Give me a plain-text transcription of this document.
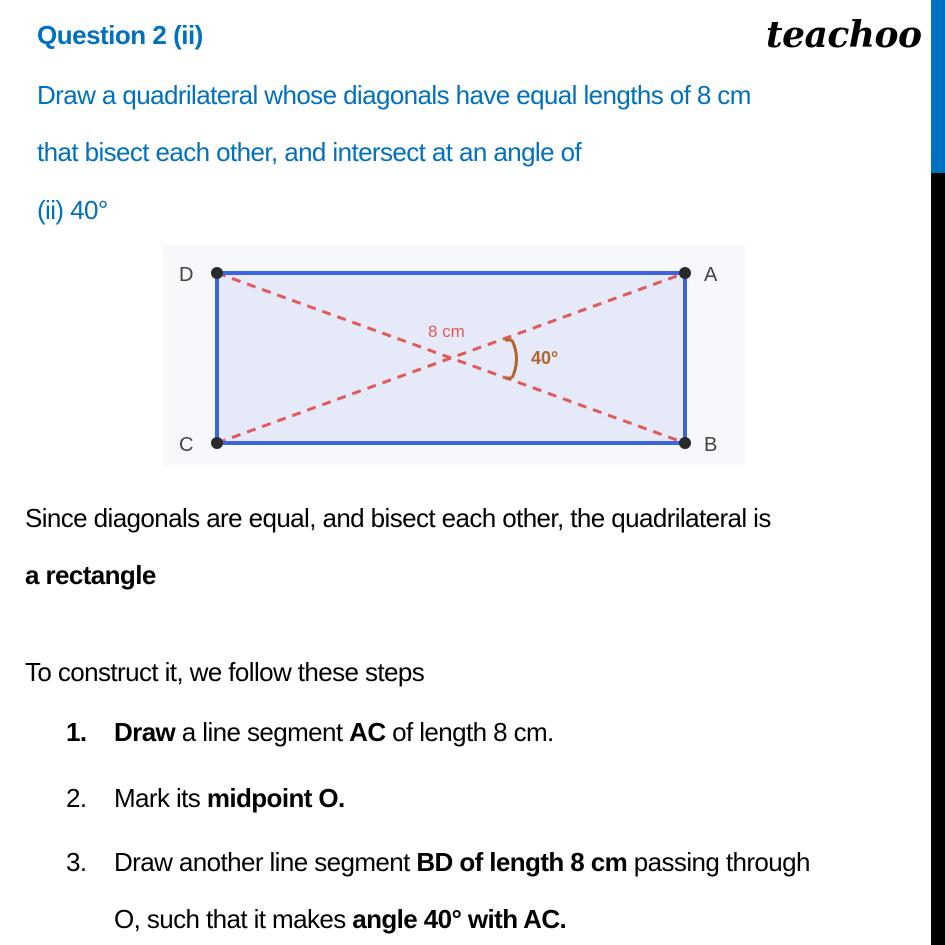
Question 2 (ii)	teachoo
Draw a quadrilateral whose diagonals have equal lengths of 8 cm
that bisect each other, and intersect at an angle of
(ii) 40°
8 cm
40°
D	A
C	B
Since diagonals are equal, and bisect each other, the quadrilateral is
a rectangle
To construct it, we follow these steps
1. Draw a line segment AC of length 8 cm.
2. Mark its midpoint O.
3. Draw another line segment BD of length 8 cm passing through
O, such that it makes angle 40° with AC.
